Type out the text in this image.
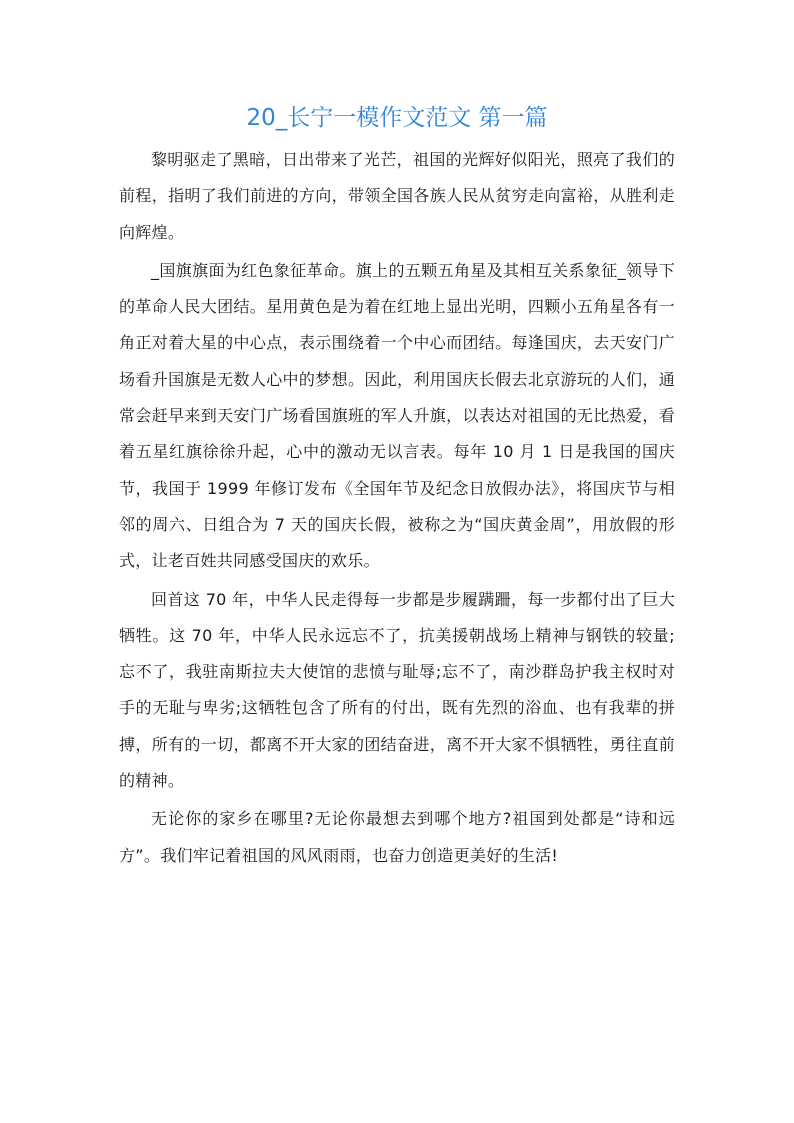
20_长宁一模作文范文 第一篇

黎明驱走了黑暗，日出带来了光芒，祖国的光辉好似阳光，照亮了我们的前程，指明了我们前进的方向，带领全国各族人民从贫穷走向富裕，从胜利走向辉煌。

_国旗旗面为红色象征革命。旗上的五颗五角星及其相互关系象征_领导下的革命人民大团结。星用黄色是为着在红地上显出光明，四颗小五角星各有一角正对着大星的中心点，表示围绕着一个中心而团结。每逢国庆，去天安门广场看升国旗是无数人心中的梦想。因此，利用国庆长假去北京游玩的人们，通常会赶早来到天安门广场看国旗班的军人升旗，以表达对祖国的无比热爱，看着五星红旗徐徐升起，心中的激动无以言表。每年 10 月 1 日是我国的国庆节，我国于 1999 年修订发布《全国年节及纪念日放假办法》，将国庆节与相邻的周六、日组合为 7 天的国庆长假，被称之为“国庆黄金周”，用放假的形式，让老百姓共同感受国庆的欢乐。

回首这 70 年，中华人民走得每一步都是步履蹒跚，每一步都付出了巨大牺牲。这 70 年，中华人民永远忘不了，抗美援朝战场上精神与钢铁的较量;忘不了，我驻南斯拉夫大使馆的悲愤与耻辱;忘不了，南沙群岛护我主权时对手的无耻与卑劣;这牺牲包含了所有的付出，既有先烈的浴血、也有我辈的拼搏，所有的一切，都离不开大家的团结奋进，离不开大家不惧牺牲，勇往直前的精神。

无论你的家乡在哪里?无论你最想去到哪个地方?祖国到处都是“诗和远方”。我们牢记着祖国的风风雨雨，也奋力创造更美好的生活!
